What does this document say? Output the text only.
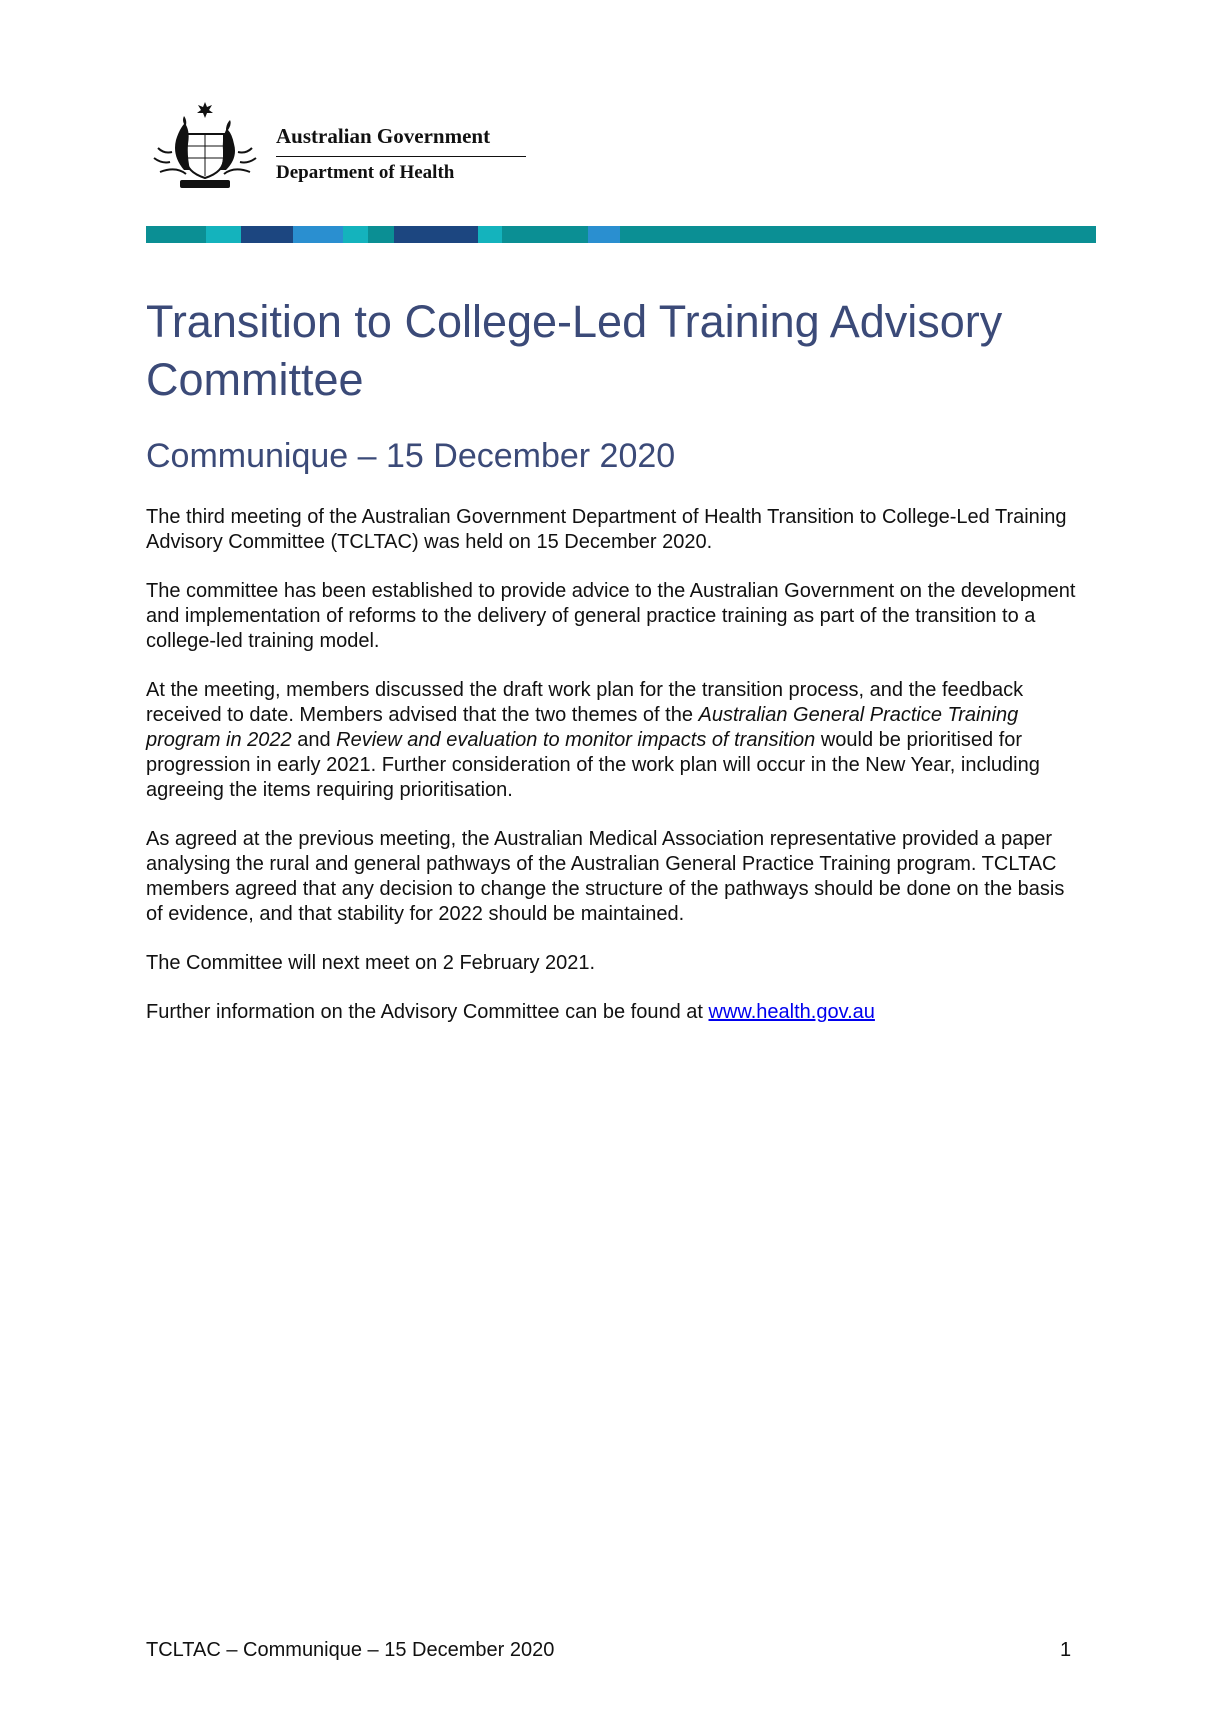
Australian Government
Department of Health
Transition to College-Led Training Advisory Committee
Communique – 15 December 2020

The third meeting of the Australian Government Department of Health Transition to College-Led Training Advisory Committee (TCLTAC) was held on 15 December 2020.

The committee has been established to provide advice to the Australian Government on the development and implementation of reforms to the delivery of general practice training as part of the transition to a college-led training model.

At the meeting, members discussed the draft work plan for the transition process, and the feedback received to date. Members advised that the two themes of the Australian General Practice Training program in 2022 and Review and evaluation to monitor impacts of transition would be prioritised for progression in early 2021. Further consideration of the work plan will occur in the New Year, including agreeing the items requiring prioritisation.

As agreed at the previous meeting, the Australian Medical Association representative provided a paper analysing the rural and general pathways of the Australian General Practice Training program. TCLTAC members agreed that any decision to change the structure of the pathways should be done on the basis of evidence, and that stability for 2022 should be maintained.

The Committee will next meet on 2 February 2021.

Further information on the Advisory Committee can be found at www.health.gov.au

TCLTAC – Communique – 15 December 2020	1
